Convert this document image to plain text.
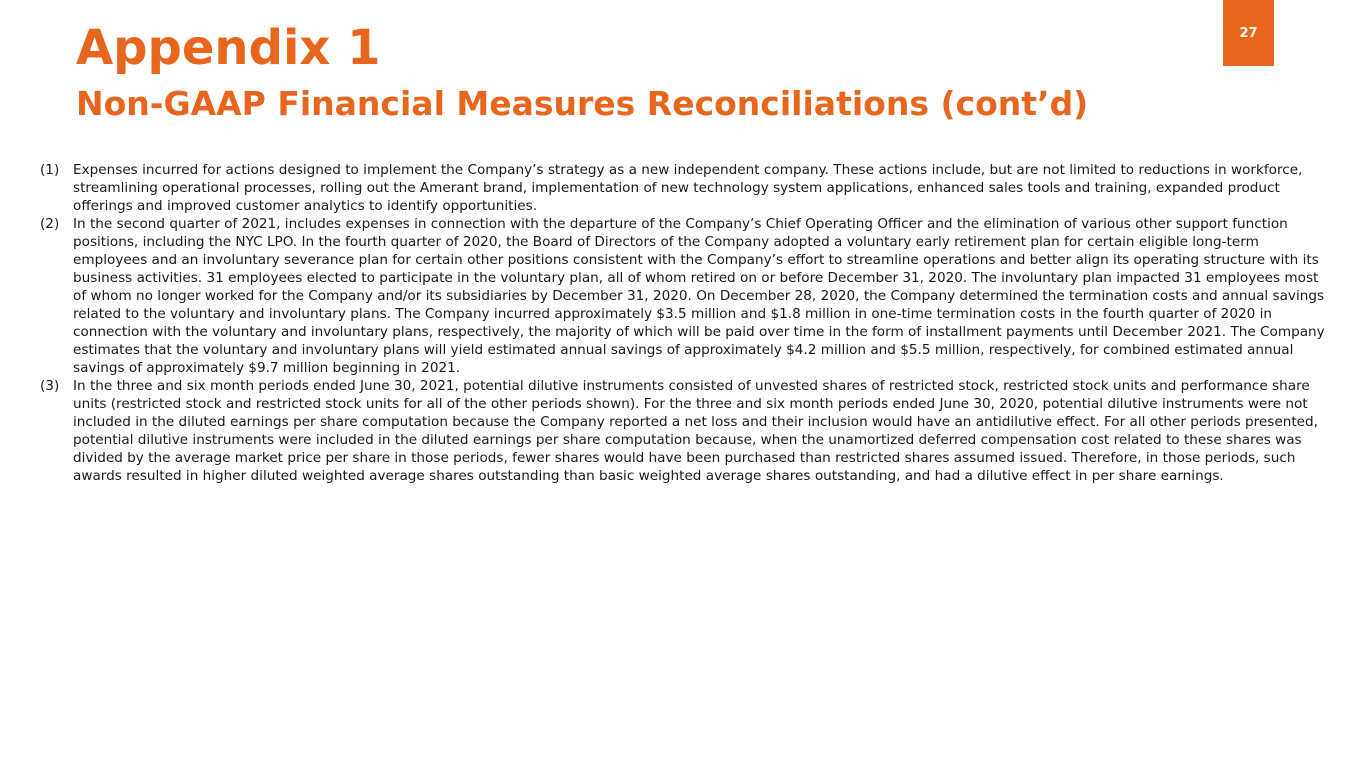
Appendix 1
Non-GAAP Financial Measures Reconciliations (cont’d)
27
(1)	Expenses incurred for actions designed to implement the Company’s strategy as a new independent company. These actions include, but are not limited to reductions in workforce, streamlining operational processes, rolling out the Amerant brand, implementation of new technology system applications, enhanced sales tools and training, expanded product offerings and improved customer analytics to identify opportunities.
(2)	In the second quarter of 2021, includes expenses in connection with the departure of the Company’s Chief Operating Officer and the elimination of various other support function positions, including the NYC LPO. In the fourth quarter of 2020, the Board of Directors of the Company adopted a voluntary early retirement plan for certain eligible long-term employees and an involuntary severance plan for certain other positions consistent with the Company’s effort to streamline operations and better align its operating structure with its business activities. 31 employees elected to participate in the voluntary plan, all of whom retired on or before December 31, 2020. The involuntary plan impacted 31 employees most of whom no longer worked for the Company and/or its subsidiaries by December 31, 2020. On December 28, 2020, the Company determined the termination costs and annual savings related to the voluntary and involuntary plans. The Company incurred approximately $3.5 million and $1.8 million in one-time termination costs in the fourth quarter of 2020 in connection with the voluntary and involuntary plans, respectively, the majority of which will be paid over time in the form of installment payments until December 2021. The Company estimates that the voluntary and involuntary plans will yield estimated annual savings of approximately $4.2 million and $5.5 million, respectively, for combined estimated annual savings of approximately $9.7 million beginning in 2021.
(3)	In the three and six month periods ended June 30, 2021, potential dilutive instruments consisted of unvested shares of restricted stock, restricted stock units and performance share units (restricted stock and restricted stock units for all of the other periods shown). For the three and six month periods ended June 30, 2020, potential dilutive instruments were not included in the diluted earnings per share computation because the Company reported a net loss and their inclusion would have an antidilutive effect. For all other periods presented, potential dilutive instruments were included in the diluted earnings per share computation because, when the unamortized deferred compensation cost related to these shares was divided by the average market price per share in those periods, fewer shares would have been purchased than restricted shares assumed issued. Therefore, in those periods, such awards resulted in higher diluted weighted average shares outstanding than basic weighted average shares outstanding, and had a dilutive effect in per share earnings.
